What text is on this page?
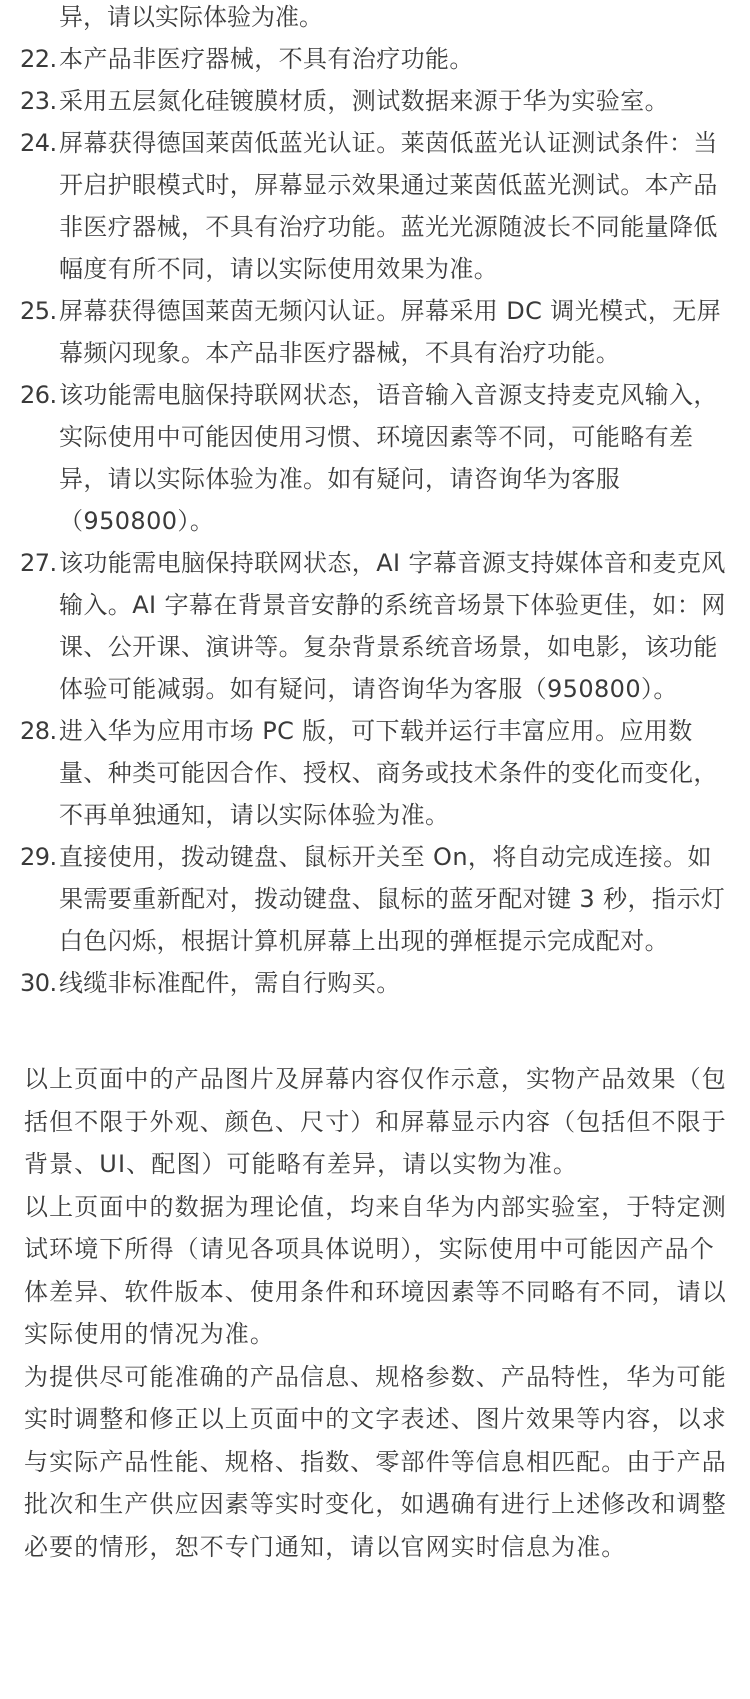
异，请以实际体验为准。
22. 本产品非医疗器械，不具有治疗功能。
23. 采用五层氮化硅镀膜材质，测试数据来源于华为实验室。
24. 屏幕获得德国莱茵低蓝光认证。莱茵低蓝光认证测试条件：当开启护眼模式时，屏幕显示效果通过莱茵低蓝光测试。本产品非医疗器械，不具有治疗功能。蓝光光源随波长不同能量降低幅度有所不同，请以实际使用效果为准。
25. 屏幕获得德国莱茵无频闪认证。屏幕采用 DC 调光模式，无屏幕频闪现象。本产品非医疗器械，不具有治疗功能。
26. 该功能需电脑保持联网状态，语音输入音源支持麦克风输入，实际使用中可能因使用习惯、环境因素等不同，可能略有差异，请以实际体验为准。如有疑问，请咨询华为客服（950800）。
27. 该功能需电脑保持联网状态，AI 字幕音源支持媒体音和麦克风输入。AI 字幕在背景音安静的系统音场景下体验更佳，如：网课、公开课、演讲等。复杂背景系统音场景，如电影，该功能体验可能减弱。如有疑问，请咨询华为客服（950800）。
28. 进入华为应用市场 PC 版，可下载并运行丰富应用。应用数量、种类可能因合作、授权、商务或技术条件的变化而变化，不再单独通知，请以实际体验为准。
29. 直接使用，拨动键盘、鼠标开关至 On，将自动完成连接。如果需要重新配对，拨动键盘、鼠标的蓝牙配对键 3 秒，指示灯白色闪烁，根据计算机屏幕上出现的弹框提示完成配对。
30. 线缆非标准配件，需自行购买。

以上页面中的产品图片及屏幕内容仅作示意，实物产品效果（包括但不限于外观、颜色、尺寸）和屏幕显示内容（包括但不限于背景、UI、配图）可能略有差异，请以实物为准。

以上页面中的数据为理论值，均来自华为内部实验室，于特定测试环境下所得（请见各项具体说明），实际使用中可能因产品个体差异、软件版本、使用条件和环境因素等不同略有不同，请以实际使用的情况为准。

为提供尽可能准确的产品信息、规格参数、产品特性，华为可能实时调整和修正以上页面中的文字表述、图片效果等内容，以求与实际产品性能、规格、指数、零部件等信息相匹配。由于产品批次和生产供应因素等实时变化，如遇确有进行上述修改和调整必要的情形，恕不专门通知，请以官网实时信息为准。
